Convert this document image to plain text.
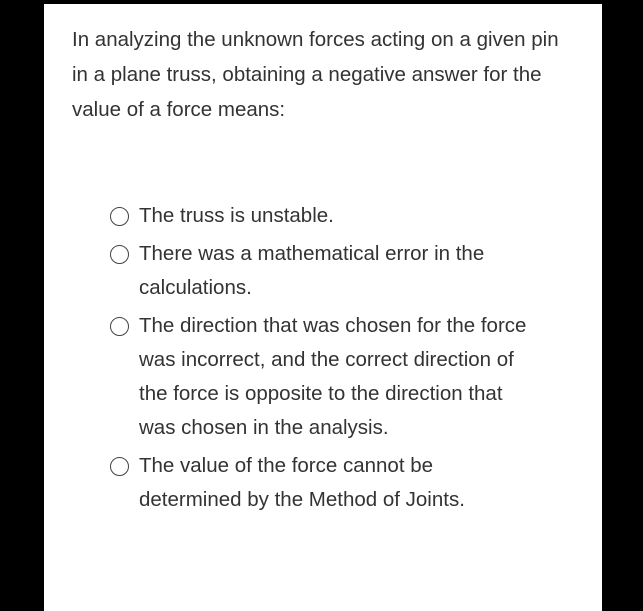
In analyzing the unknown forces acting on a given pin in a plane truss, obtaining a negative answer for the value of a force means:

The truss is unstable.
There was a mathematical error in the calculations.
The direction that was chosen for the force was incorrect, and the correct direction of the force is opposite to the direction that was chosen in the analysis.
The value of the force cannot be determined by the Method of Joints.
